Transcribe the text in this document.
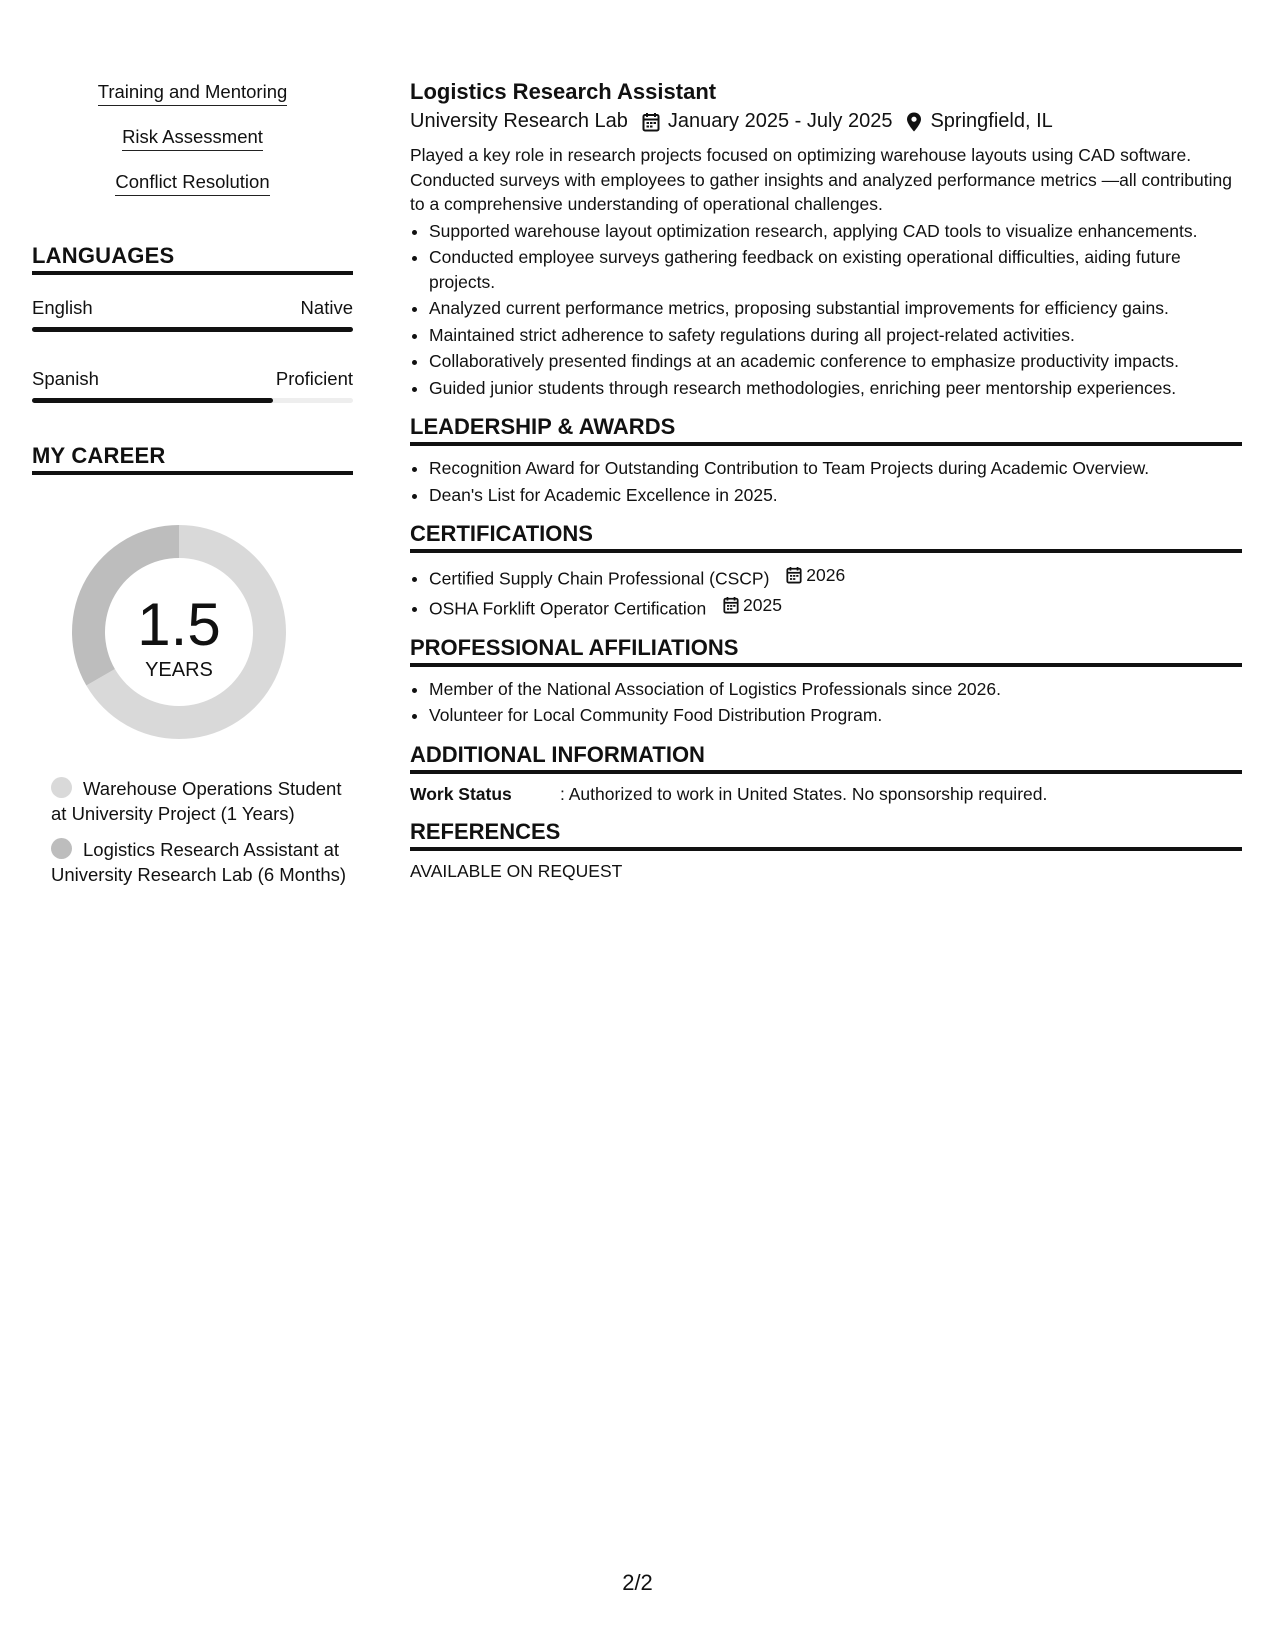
Training and Mentoring
Risk Assessment
Conflict Resolution
LANGUAGES
English	Native
Spanish	Proficient
MY CAREER
1.5
YEARS
Warehouse Operations Student at University Project (1 Years)
Logistics Research Assistant at University Research Lab (6 Months)
Logistics Research Assistant
University Research Lab January 2025 - July 2025 Springfield, IL
Played a key role in research projects focused on optimizing warehouse layouts using CAD software. Conducted surveys with employees to gather insights and analyzed performance metrics —all contributing to a comprehensive understanding of operational challenges.
• Supported warehouse layout optimization research, applying CAD tools to visualize enhancements.
• Conducted employee surveys gathering feedback on existing operational difficulties, aiding future projects.
• Analyzed current performance metrics, proposing substantial improvements for efficiency gains.
• Maintained strict adherence to safety regulations during all project-related activities.
• Collaboratively presented findings at an academic conference to emphasize productivity impacts.
• Guided junior students through research methodologies, enriching peer mentorship experiences.
LEADERSHIP & AWARDS
• Recognition Award for Outstanding Contribution to Team Projects during Academic Overview.
• Dean's List for Academic Excellence in 2025.
CERTIFICATIONS
• Certified Supply Chain Professional (CSCP) 2026
• OSHA Forklift Operator Certification 2025
PROFESSIONAL AFFILIATIONS
• Member of the National Association of Logistics Professionals since 2026.
• Volunteer for Local Community Food Distribution Program.
ADDITIONAL INFORMATION
Work Status	: Authorized to work in United States. No sponsorship required.
REFERENCES
AVAILABLE ON REQUEST
2/2
